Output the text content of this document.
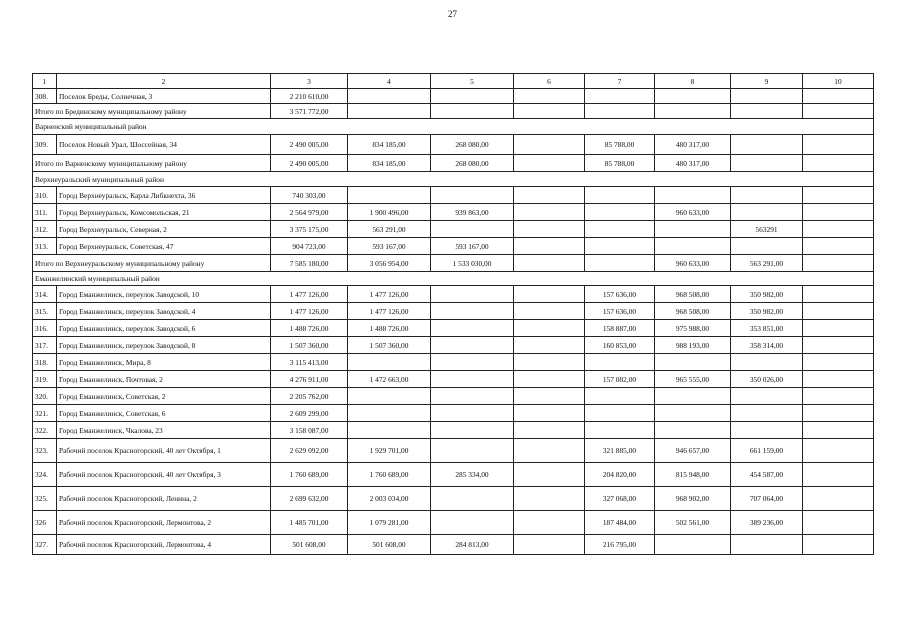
27
1	2	3	4	5	6	7	8	9	10
308.	Поселок Бреды, Солнечная, 3	2 210 610,00							
Итого по Брединскому муниципальному району		3 571 772,00							
Варненский муниципальный район									
309.	Поселок Новый Урал, Шоссейная, 34	2 490 005,00	834 185,00	268 080,00		85 788,00	480 317,00		
Итого по Варненскому муниципальному району		2 490 005,00	834 185,00	268 080,00		85 788,00	480 317,00		
Верхнеуральский муниципальный район									
310.	Город Верхнеуральск, Карла Либкнехта, 36	740 303,00							
311.	Город Верхнеуральск, Комсомольская, 21	2 564 979,00	1 900 496,00	939 863,00			960 633,00		
312.	Город Верхнеуральск, Северная, 2	3 375 175,00	563 291,00					563291	
313.	Город Верхнеуральск, Советская, 47	904 723,00	593 167,00	593 167,00					
Итого по Верхнеуральскому муниципальному району		7 585 180,00	3 056 954,00	1 533 030,00			960 633,00	563 291,00	
Еманжелинский муниципальный район									
314.	Город Еманжелинск, переулок Заводской, 10	1 477 126,00	1 477 126,00			157 636,00	968 508,00	350 982,00	
315.	Город Еманжелинск, переулок Заводской, 4	1 477 126,00	1 477 126,00			157 636,00	968 508,00	350 982,00	
316.	Город Еманжелинск, переулок Заводской, 6	1 488 726,00	1 488 726,00			158 887,00	975 988,00	353 851,00	
317.	Город Еманжелинск, переулок Заводской, 8	1 507 360,00	1 507 360,00			160 853,00	988 193,00	358 314,00	
318.	Город Еманжелинск, Мира, 8	3 115 413,00							
319.	Город Еманжелинск, Почтовая, 2	4 276 911,00	1 472 663,00			157 082,00	965 555,00	350 026,00	
320.	Город Еманжелинск, Советская, 2	2 205 762,00							
321.	Город Еманжелинск, Советская, 6	2 609 299,00							
322.	Город Еманжелинск, Чкалова, 23	3 158 087,00							
323.	Рабочий поселок Красногорский, 40 лет Октября, 1	2 629 092,00	1 929 701,00			321 885,00	946 657,00	661 159,00	
324.	Рабочий поселок Красногорский, 40 лет Октября, 3	1 760 689,00	1 760 689,00	285 334,00		204 820,00	815 948,00	454 587,00	
325.	Рабочий поселок Красногорский, Ленина, 2	2 699 632,00	2 003 034,00			327 068,00	968 902,00	707 064,00	
326	Рабочий поселок Красногорский, Лермонтова, 2	1 485 701,00	1 079 281,00			187 484,00	502 561,00	389 236,00	
327.	Рабочий поселок Красногорский, Лермонтова, 4	501 608,00	501 608,00	284 813,00		216 795,00			
